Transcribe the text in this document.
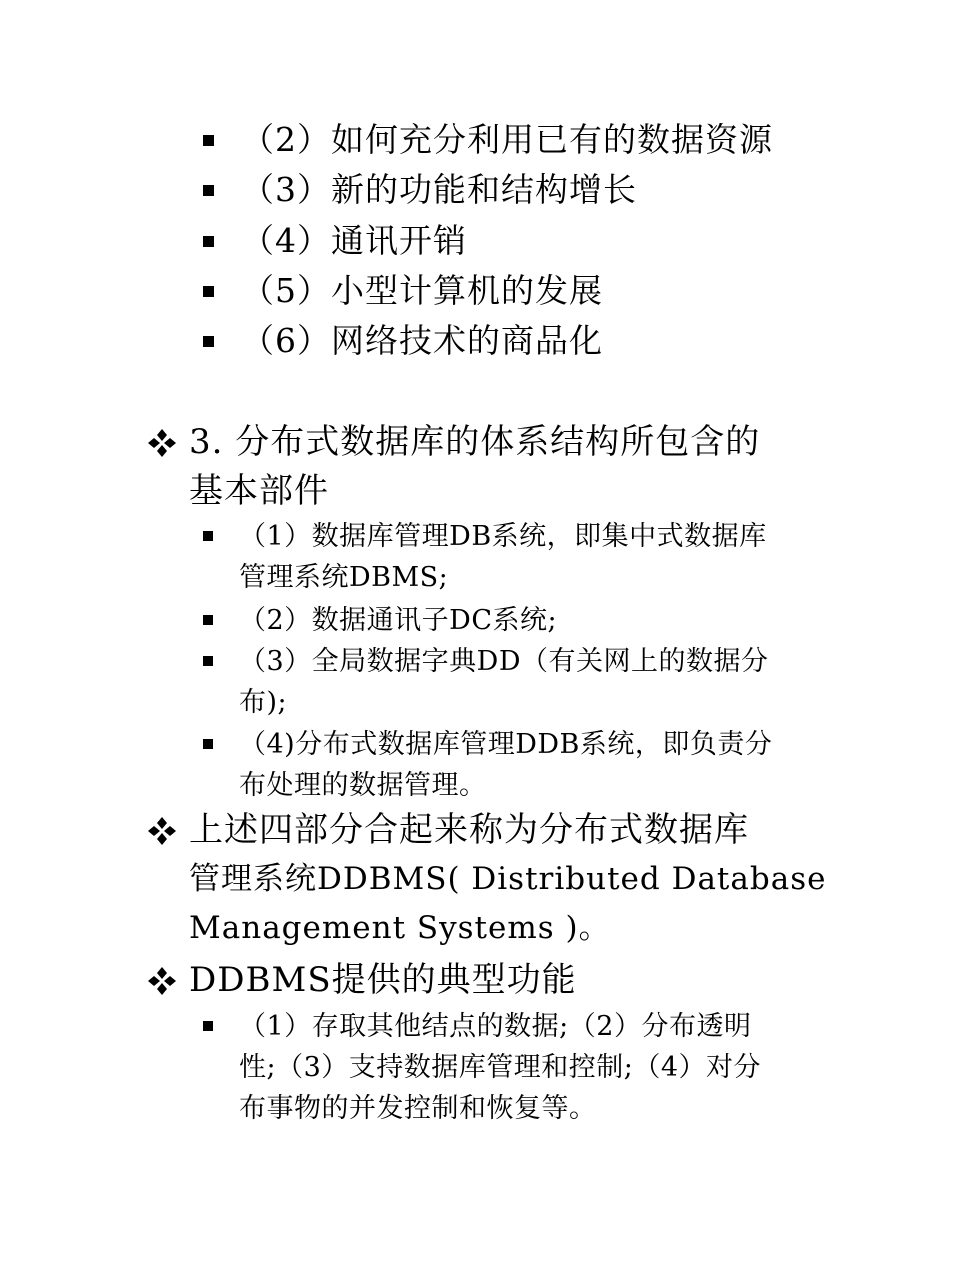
（2）如何充分利用已有的数据资源
（3）新的功能和结构增长
（4）通讯开销
（5）小型计算机的发展
（6）网络技术的商品化
3. 分布式数据库的体系结构所包含的
基本部件
（1）数据库管理DB系统，即集中式数据库
管理系统DBMS;
（2）数据通讯子DC系统;
（3）全局数据字典DD（有关网上的数据分
布);
（4)分布式数据库管理DDB系统，即负责分
布处理的数据管理。
上述四部分合起来称为分布式数据库
管理系统DDBMS( Distributed Database
Management Systems )。
DDBMS提供的典型功能
（1）存取其他结点的数据;（2）分布透明
性;（3）支持数据库管理和控制;（4）对分
布事物的并发控制和恢复等。
